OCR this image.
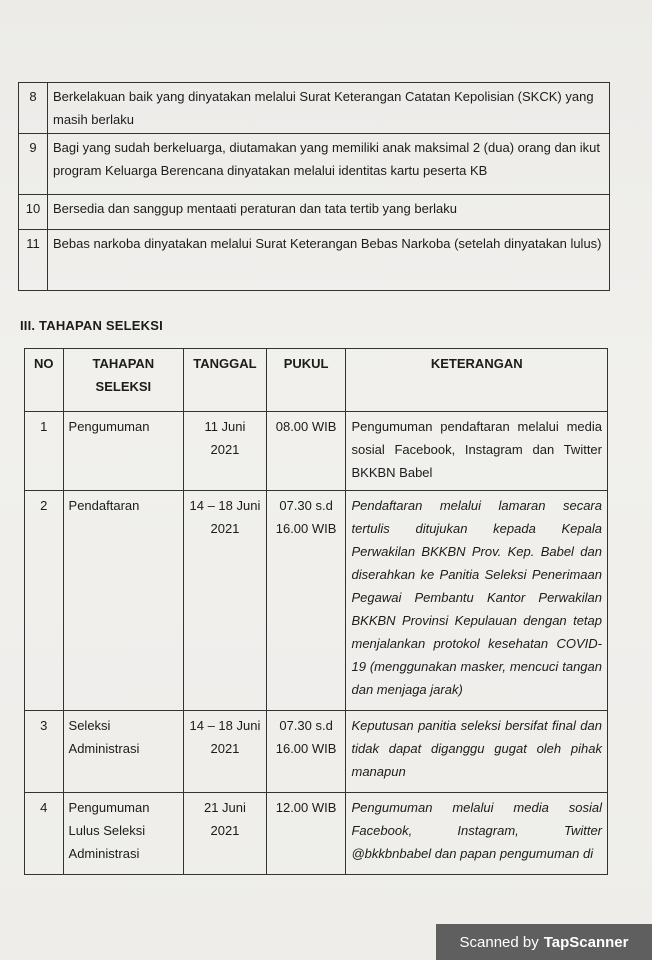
8	Berkelakuan baik yang dinyatakan melalui Surat Keterangan Catatan Kepolisian (SKCK) yang masih berlaku
9	Bagi yang sudah berkeluarga, diutamakan yang memiliki anak maksimal 2 (dua) orang dan ikut program Keluarga Berencana dinyatakan melalui identitas kartu peserta KB
10	Bersedia dan sanggup mentaati peraturan dan tata tertib yang berlaku
11	Bebas narkoba dinyatakan melalui Surat Keterangan Bebas Narkoba (setelah dinyatakan lulus)
III. TAHAPAN SELEKSI
NO	TAHAPAN SELEKSI	TANGGAL	PUKUL	KETERANGAN
1	Pengumuman	11 Juni 2021	08.00 WIB	Pengumuman pendaftaran melalui media sosial Facebook, Instagram dan Twitter BKKBN Babel
2	Pendaftaran	14 – 18 Juni 2021	07.30 s.d 16.00 WIB	Pendaftaran melalui lamaran secara tertulis ditujukan kepada Kepala Perwakilan BKKBN Prov. Kep. Babel dan diserahkan ke Panitia Seleksi Penerimaan Pegawai Pembantu Kantor Perwakilan BKKBN Provinsi Kepulauan dengan tetap menjalankan protokol kesehatan COVID-19 (menggunakan masker, mencuci tangan dan menjaga jarak)
3	Seleksi Administrasi	14 – 18 Juni 2021	07.30 s.d 16.00 WIB	Keputusan panitia seleksi bersifat final dan tidak dapat diganggu gugat oleh pihak manapun
4	Pengumuman Lulus Seleksi Administrasi	21 Juni 2021	12.00 WIB	Pengumuman melalui media sosial Facebook, Instagram, Twitter @bkkbnbabel dan papan pengumuman di
Scanned by TapScanner
